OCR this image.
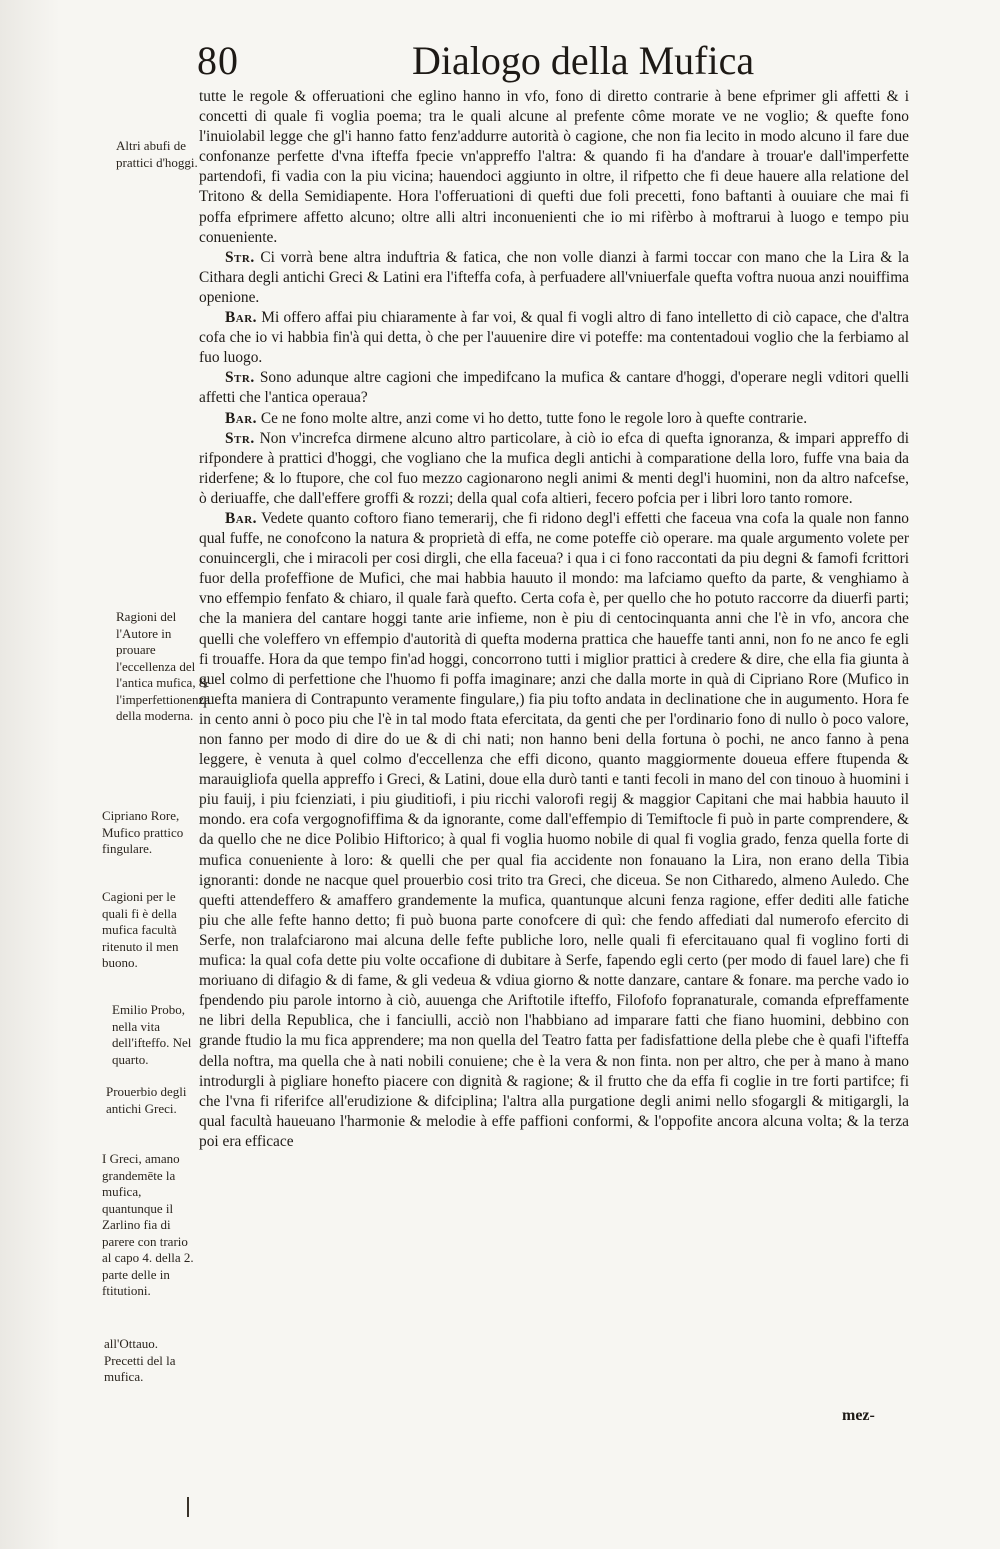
80	Dialogo della Mufica
Altri abufi de prattici d'hoggi.
Ragioni del l'Autore in prouare l'eccellenza del l'antica mufica, & l'imperfettionenza della moderna.
Cipriano Rore, Mufico prattico fingulare.
Cagioni per le quali fi è della mufica facultà ritenuto il men buono.
Emilio Probo, nella vita dell'ifteffo. Nel quarto.
Prouerbio degli antichi Greci.
I Greci, amano grandemēte la mufica, quantunque il Zarlino fia di parere con trario al capo 4. della 2. parte delle in ftitutioni.
all'Ottauo. Precetti del la mufica.

tutte le regole & offeruationi che eglino hanno in vfo, fono di diretto contrarie à bene efprimer gli affetti & i concetti di quale fi voglia poema; tra le quali alcune al prefente côme morate ve ne voglio; & quefte fono l'inuiolabil legge che gl'i hanno fatto fenz'addurre autorità ò cagione, che non fia lecito in modo alcuno il fare due confonanze perfette d'vna ifteffa fpecie vn'appreffo l'altra: & quando fi ha d'andare à trouar'e dall'imperfette partendofi, fi vadia con la piu vicina; hauendoci aggiunto in oltre, il rifpetto che fi deue hauere alla relatione del Tritono & della Semidiapente. Hora l'offeruationi di quefti due foli precetti, fono baftanti à ouuiare che mai fi poffa efprimere affetto alcuno; oltre alli altri inconuenienti che io mi rifèrbo à moftrarui à luogo e tempo piu conueniente.

Str. Ci vorrà bene altra induftria & fatica, che non volle dianzi à farmi toccar con mano che la Lira & la Cithara degli antichi Greci & Latini era l'ifteffa cofa, à perfuadere all'vniuerfale quefta voftra nuoua anzi nouiffima openione.

Bar. Mi offero affai piu chiaramente à far voi, & qual fi vogli altro di fano intelletto di ciò capace, che d'altra cofa che io vi habbia fin'à qui detta, ò che per l'auuenire dire vi poteffe: ma contentadoui voglio che la ferbiamo al fuo luogo.

Str. Sono adunque altre cagioni che impedifcano la mufica & cantare d'hoggi, d'operare negli vditori quelli affetti che l'antica operaua?

Bar. Ce ne fono molte altre, anzi come vi ho detto, tutte fono le regole loro à quefte contrarie.

Str. Non v'increfca dirmene alcuno altro particolare, à ciò io efca di quefta ignoranza, & impari appreffo di rifpondere à prattici d'hoggi, che vogliano che la mufica degli antichi à comparatione della loro, fuffe vna baia da riderfene; & lo ftupore, che col fuo mezzo cagionarono negli animi & menti degl'i huomini, non da altro nafcefse, ò deriuaffe, che dall'effere groffi & rozzi; della qual cofa altieri, fecero pofcia per i libri loro tanto romore.

Bar. Vedete quanto coftoro fiano temerarij, che fi ridono degl'i effetti che faceua vna cofa la quale non fanno qual fuffe, ne conofcono la natura & proprietà di effa, ne come poteffe ciò operare. ma quale argumento volete per conuincergli, che i miracoli per cosi dirgli, che ella faceua? i qua i ci fono raccontati da piu degni & famofi fcrittori fuor della profeffione de Mufici, che mai habbia hauuto il mondo: ma lafciamo quefto da parte, & venghiamo à vno effempio fenfato & chiaro, il quale farà quefto. Certa cofa è, per quello che ho potuto raccorre da diuerfi parti; che la maniera del cantare hoggi tante arie infieme, non è piu di centocinquanta anni che l'è in vfo, ancora che quelli che voleffero vn effempio d'autorità di quefta moderna prattica che haueffe tanti anni, non fo ne anco fe egli fi trouaffe. Hora da que tempo fin'ad hoggi, concorrono tutti i miglior prattici à credere & dire, che ella fia giunta à quel colmo di perfettione che l'huomo fi poffa imaginare; anzi che dalla morte in quà di Cipriano Rore (Mufico in quefta maniera di Contrapunto veramente fingulare,) fia piu tofto andata in declinatione che in augumento. Hora fe in cento anni ò poco piu che l'è in tal modo ftata efercitata, da genti che per l'ordinario fono di nullo ò poco valore, non fanno per modo di dire do ue & di chi nati; non hanno beni della fortuna ò pochi, ne anco fanno à pena leggere, è venuta à quel colmo d'eccellenza che effi dicono, quanto maggiormente doueua effere ftupenda & marauigliofa quella appreffo i Greci, & Latini, doue ella durò tanti e tanti fecoli in mano del con tinouo à huomini i piu fauij, i piu fcienziati, i piu giuditiofi, i piu ricchi valorofi regij & maggior Capitani che mai habbia hauuto il mondo. era cofa vergognofiffima & da ignorante, come dall'effempio di Temiftocle fi può in parte comprendere, & da quello che ne dice Polibio Hiftorico; à qual fi voglia huomo nobile di qual fi voglia grado, fenza quella forte di mufica conueniente à loro: & quelli che per qual fia accidente non fonauano la Lira, non erano della Tibia ignoranti: donde ne nacque quel prouerbio cosi trito tra Greci, che diceua. Se non Citharedo, almeno Auledo. Che quefti attendeffero & amaffero grandemente la mufica, quantunque alcuni fenza ragione, effer dediti alle fatiche piu che alle fefte hanno detto; fi può buona parte conofcere di quì: che fendo affediati dal numerofo efercito di Serfe, non tralafciarono mai alcuna delle fefte publiche loro, nelle quali fi efercitauano qual fi voglino forti di mufica: la qual cofa dette piu volte occafione di dubitare à Serfe, fapendo egli certo (per modo di fauel lare) che fi moriuano di difagio & di fame, & gli vedeua & vdiua giorno & notte danzare, cantare & fonare. ma perche vado io fpendendo piu parole intorno à ciò, auuenga che Ariftotile ifteffo, Filofofo fopranaturale, comanda efpreffamente ne libri della Republica, che i fanciulli, acciò non l'habbiano ad imparare fatti che fiano huomini, debbino con grande ftudio la mu fica apprendere; ma non quella del Teatro fatta per fadisfattione della plebe che è quafi l'ifteffa della noftra, ma quella che à nati nobili conuiene; che è la vera & non finta. non per altro, che per à mano à mano introdurgli à pigliare honefto piacere con dignità & ragione; & il frutto che da effa fi coglie in tre forti partifce; fi che l'vna fi riferifce all'erudizione & difciplina; l'altra alla purgatione degli animi nello sfogargli & mitigargli, la qual facultà haueuano l'harmonie & melodie à effe paffioni conformi, & l'oppofite ancora alcuna volta; & la terza poi era efficace

mez-
